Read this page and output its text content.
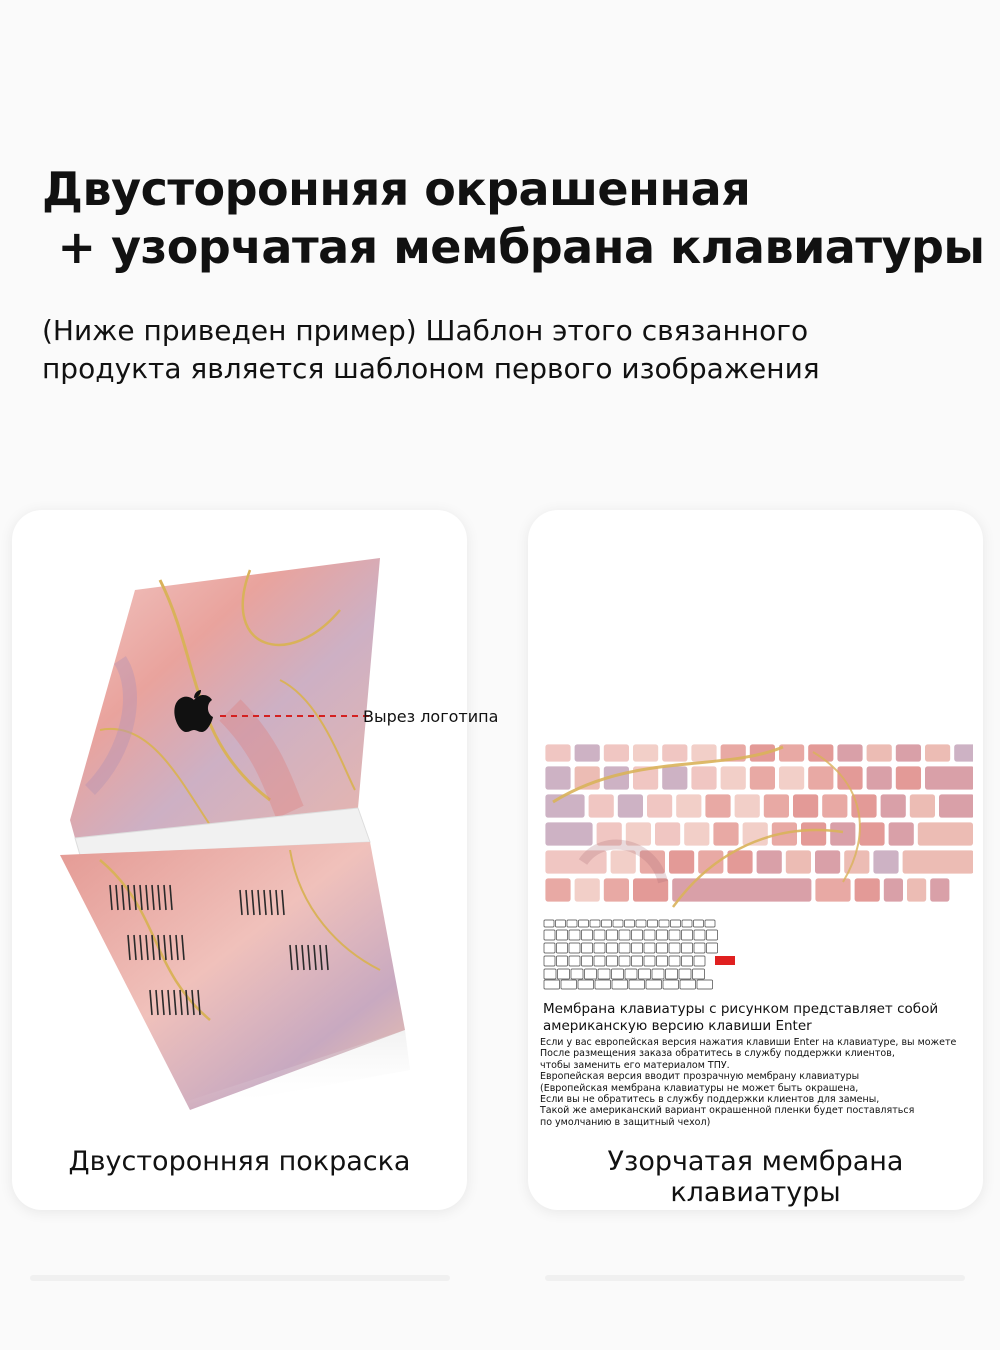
Двусторонняя окрашенная
+ узорчатая мембрана клавиатуры
(Ниже приведен пример) Шаблон этого связанного
продукта является шаблоном первого изображения
Двусторонняя покраска
Вырез логотипа
Узорчатая мембрана клавиатуры
Мембрана клавиатуры с рисунком представляет собой
американскую версию клавиши Enter
Если у вас европейская версия нажатия клавиши Enter на клавиатуре, вы можете
После размещения заказа обратитесь в службу поддержки клиентов,
чтобы заменить его материалом ТПУ.
Европейская версия вводит прозрачную мембрану клавиатуры
(Европейская мембрана клавиатуры не может быть окрашена,
Если вы не обратитесь в службу поддержки клиентов для замены,
Такой же американский вариант окрашенной пленки будет поставляться
по умолчанию в защитный чехол)
